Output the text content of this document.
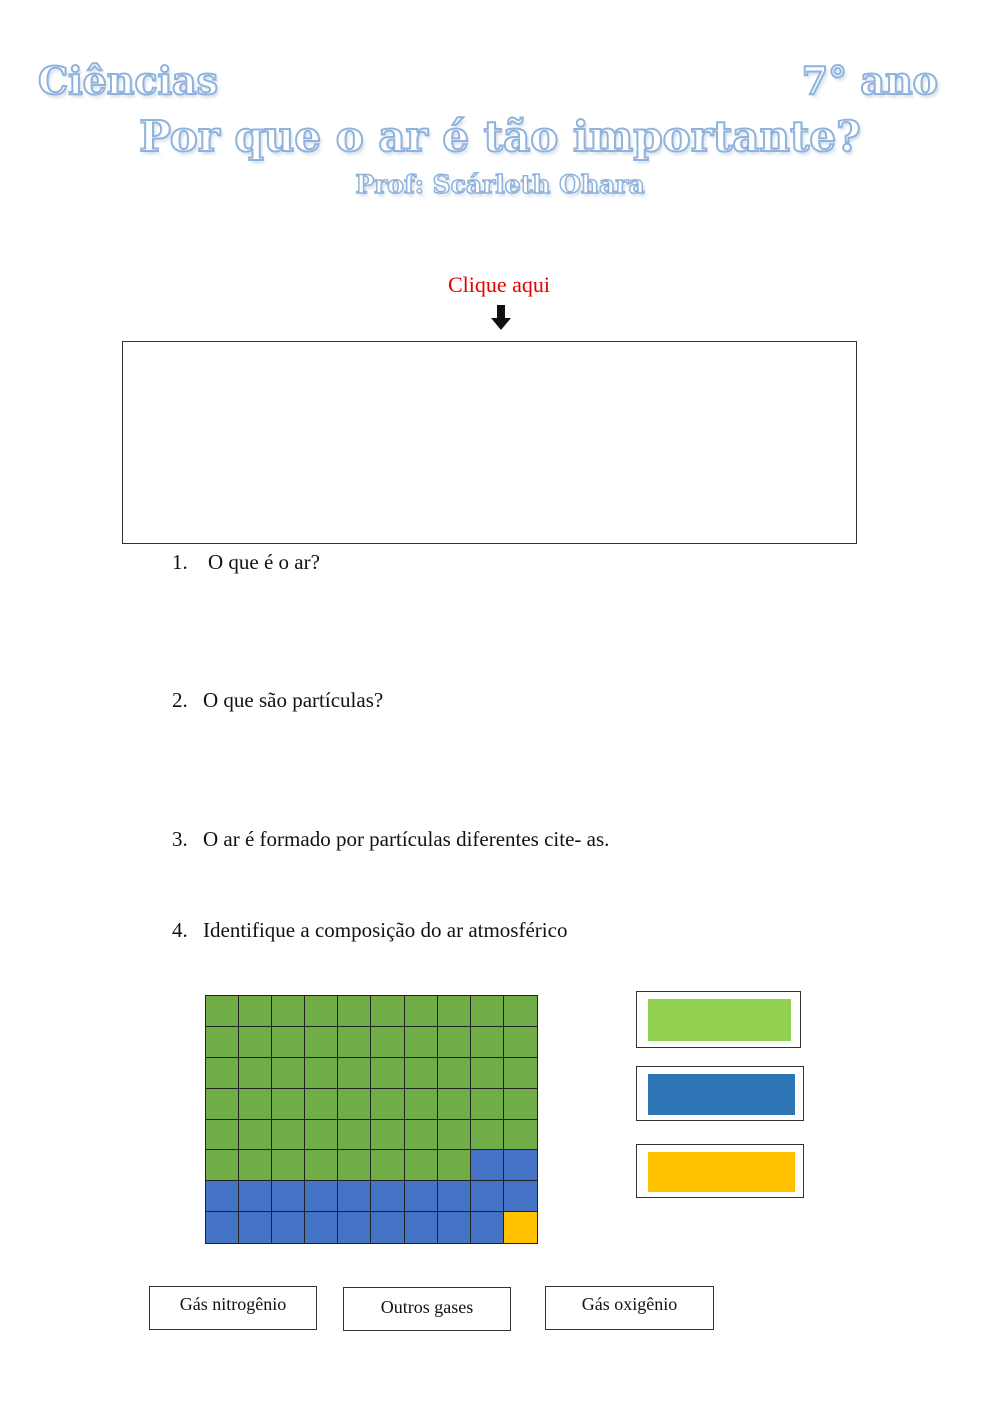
Ciências	7° ano
Por que o ar é tão importante?
Prof: Scárleth Ohara
Clique aqui
1. O que é o ar?
2. O que são partículas?
3. O ar é formado por partículas diferentes cite- as.
4. Identifique a composição do ar atmosférico
Gás nitrogênio	Outros gases	Gás oxigênio
